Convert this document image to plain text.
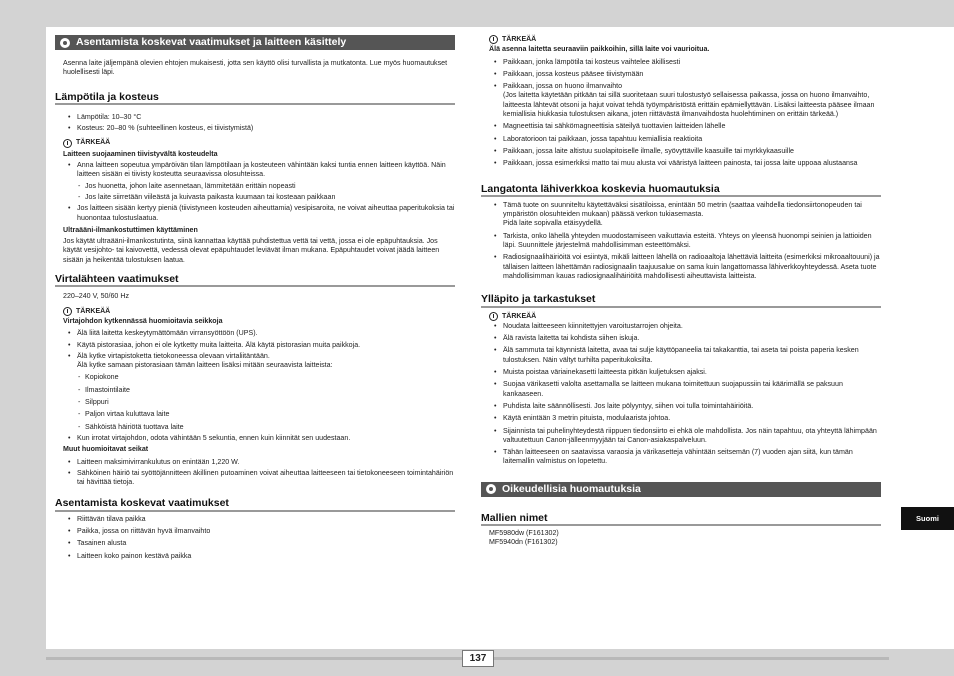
Suomi
137
Asentamista koskevat vaatimukset ja laitteen käsittely

Asenna laite jäljempänä olevien ehtojen mukaisesti, jotta sen käyttö olisi turvallista ja mutkatonta. Lue myös huomautukset huolellisesti läpi.

Lämpötila ja kosteus
• Lämpötila: 10–30 °C
• Kosteus: 20–80 % (suhteellinen kosteus, ei tiivistymistä)
TÄRKEÄÄ

Laitteen suojaaminen tiivistyvältä kosteudelta

• Anna laitteen sopeutua ympäröivän tilan lämpötilaan ja kosteuteen vähintään kaksi tuntia ennen laitteen käyttöä. Näin laitteen sisään ei tiivisty kosteutta seuraavissa olosuhteissa.
- Jos huonetta, johon laite asennetaan, lämmitetään erittäin nopeasti
- Jos laite siirretään viileästä ja kuivasta paikasta kuumaan tai kosteaan paikkaan
• Jos laitteen sisään kertyy pieniä (tiivistyneen kosteuden aiheuttamia) vesipisaroita, ne voivat aiheuttaa paperitukoksia tai huonontaa tulostuslaatua.

Ultraääni-ilmankostuttimen käyttäminen

Jos käytät ultraääni-ilmankostutinta, siinä kannattaa käyttää puhdistettua vettä tai vettä, jossa ei ole epäpuhtauksia. Jos käytät vesijohto- tai kaivovettä, vedessä olevat epäpuhtaudet leviävät ilman mukana. Epäpuhtaudet voivat jäädä laitteen sisään ja heikentää tulostuksen laatua.

Virtalähteen vaatimukset

220–240 V, 50/60 Hz

TÄRKEÄÄ

Virtajohdon kytkennässä huomioitavia seikkoja

• Älä liitä laitetta keskeytymättömään virransyöttöön (UPS).
• Käytä pistorasiaa, johon ei ole kytketty muita laitteita. Älä käytä pistorasian muita paikkoja.
• Älä kytke virtapistoketta tietokoneessa olevaan virtaliitäntään.
Älä kytke samaan pistorasiaan tämän laitteen lisäksi mitään seuraavista laitteista:
- Kopiokone
- Ilmastointilaite
- Silppuri
- Paljon virtaa kuluttava laite
- Sähköistä häiriötä tuottava laite
• Kun irrotat virtajohdon, odota vähintään 5 sekuntia, ennen kuin kiinnität sen uudestaan.

Muut huomioitavat seikat

• Laitteen maksimivirrankulutus on enintään 1,220 W.
• Sähköinen häiriö tai syöttöjännitteen äkillinen putoaminen voivat aiheuttaa laitteeseen tai tietokoneeseen toimintahäiriön tai hävittää tietoja.
Asentamista koskevat vaatimukset
• Riittävän tilava paikka
• Paikka, jossa on riittävän hyvä ilmanvaihto
• Tasainen alusta
• Laitteen koko painon kestävä paikka
TÄRKEÄÄ

Älä asenna laitetta seuraaviin paikkoihin, sillä laite voi vaurioitua.

• Paikkaan, jonka lämpötila tai kosteus vaihtelee äkillisesti
• Paikkaan, jossa kosteus pääsee tiivistymään
• Paikkaan, jossa on huono ilmanvaihto
(Jos laitetta käytetään pitkään tai sillä suoritetaan suuri tulostustyö sellaisessa paikassa, jossa on huono ilmanvaihto, laitteesta lähtevät otsoni ja hajut voivat tehdä työympäristöstä erittäin epämiellyttävän. Lisäksi laitteesta pääsee ilmaan kemiallisia hiukkasia tulostuksen aikana, joten riittävästä ilmanvaihdosta huolehtiminen on erittäin tärkeää.)
• Magneettisia tai sähkömagneettisia säteilyä tuottavien laitteiden lähelle
• Laboratorioon tai paikkaan, jossa tapahtuu kemiallisia reaktioita
• Paikkaan, jossa laite altistuu suolapitoiselle ilmalle, syövyttäville kaasuille tai myrkkykaasuille
• Paikkaan, jossa esimerkiksi matto tai muu alusta voi vääristyä laitteen painosta, tai jossa laite uppoaa alustaansa
Langatonta lähiverkkoa koskevia huomautuksia
• Tämä tuote on suunniteltu käytettäväksi sisätiloissa, enintään 50 metrin (saattaa vaihdella tiedonsiirtonopeuden tai ympäristön olosuhteiden mukaan) päässä verkon tukiasemasta.
Pidä laite sopivalla etäisyydellä.
• Tarkista, onko lähellä yhteyden muodostamiseen vaikuttavia esteitä. Yhteys on yleensä huonompi seinien ja lattioiden läpi. Suunnittele järjestelmä mahdollisimman esteettömäksi.
• Radiosignaalihäiriöitä voi esiintyä, mikäli laitteen lähellä on radioaaltoja lähettäviä laitteita (esimerkiksi mikroaaltouuni) ja tällaisen laitteen lähettämän radiosignaalin taajuusalue on sama kuin langattomassa lähiverkkoyhteydessä. Aseta tuote mahdollisimman kauas radiosignaalihäiriöitä mahdollisesti aiheuttavista laitteista.
Ylläpito ja tarkastukset
TÄRKEÄÄ
• Noudata laitteeseen kiinnitettyjen varoitustarrojen ohjeita.
• Älä ravista laitetta tai kohdista siihen iskuja.
• Älä sammuta tai käynnistä laitetta, avaa tai sulje käyttöpaneelia tai takakanttia, tai aseta tai poista paperia kesken tulostuksen. Näin vältyt turhilta paperitukoksilta.
• Muista poistaa väriainekasetti laitteesta pitkän kuljetuksen ajaksi.
• Suojaa värikasetti valolta asettamalla se laitteen mukana toimitettuun suojapussiin tai käärimällä se paksuun kankaaseen.
• Puhdista laite säännöllisesti. Jos laite pölyyntyy, siihen voi tulla toimintahäiriöitä.
• Käytä enintään 3 metrin pituista, modulaarista johtoa.
• Sijainnista tai puhelinyhteydestä riippuen tiedonsiirto ei ehkä ole mahdollista. Jos näin tapahtuu, ota yhteyttä lähimpään valtuutettuun Canon-jälleenmyyjään tai Canon-asiakaspalveluun.
• Tähän laitteeseen on saatavissa varaosia ja värikasetteja vähintään seitsemän (7) vuoden ajan siitä, kun tämän laitemallin valmistus on lopetettu.
Oikeudellisia huomautuksia
Mallien nimet

MF5980dw (F161302)

MF5940dn (F161302)
